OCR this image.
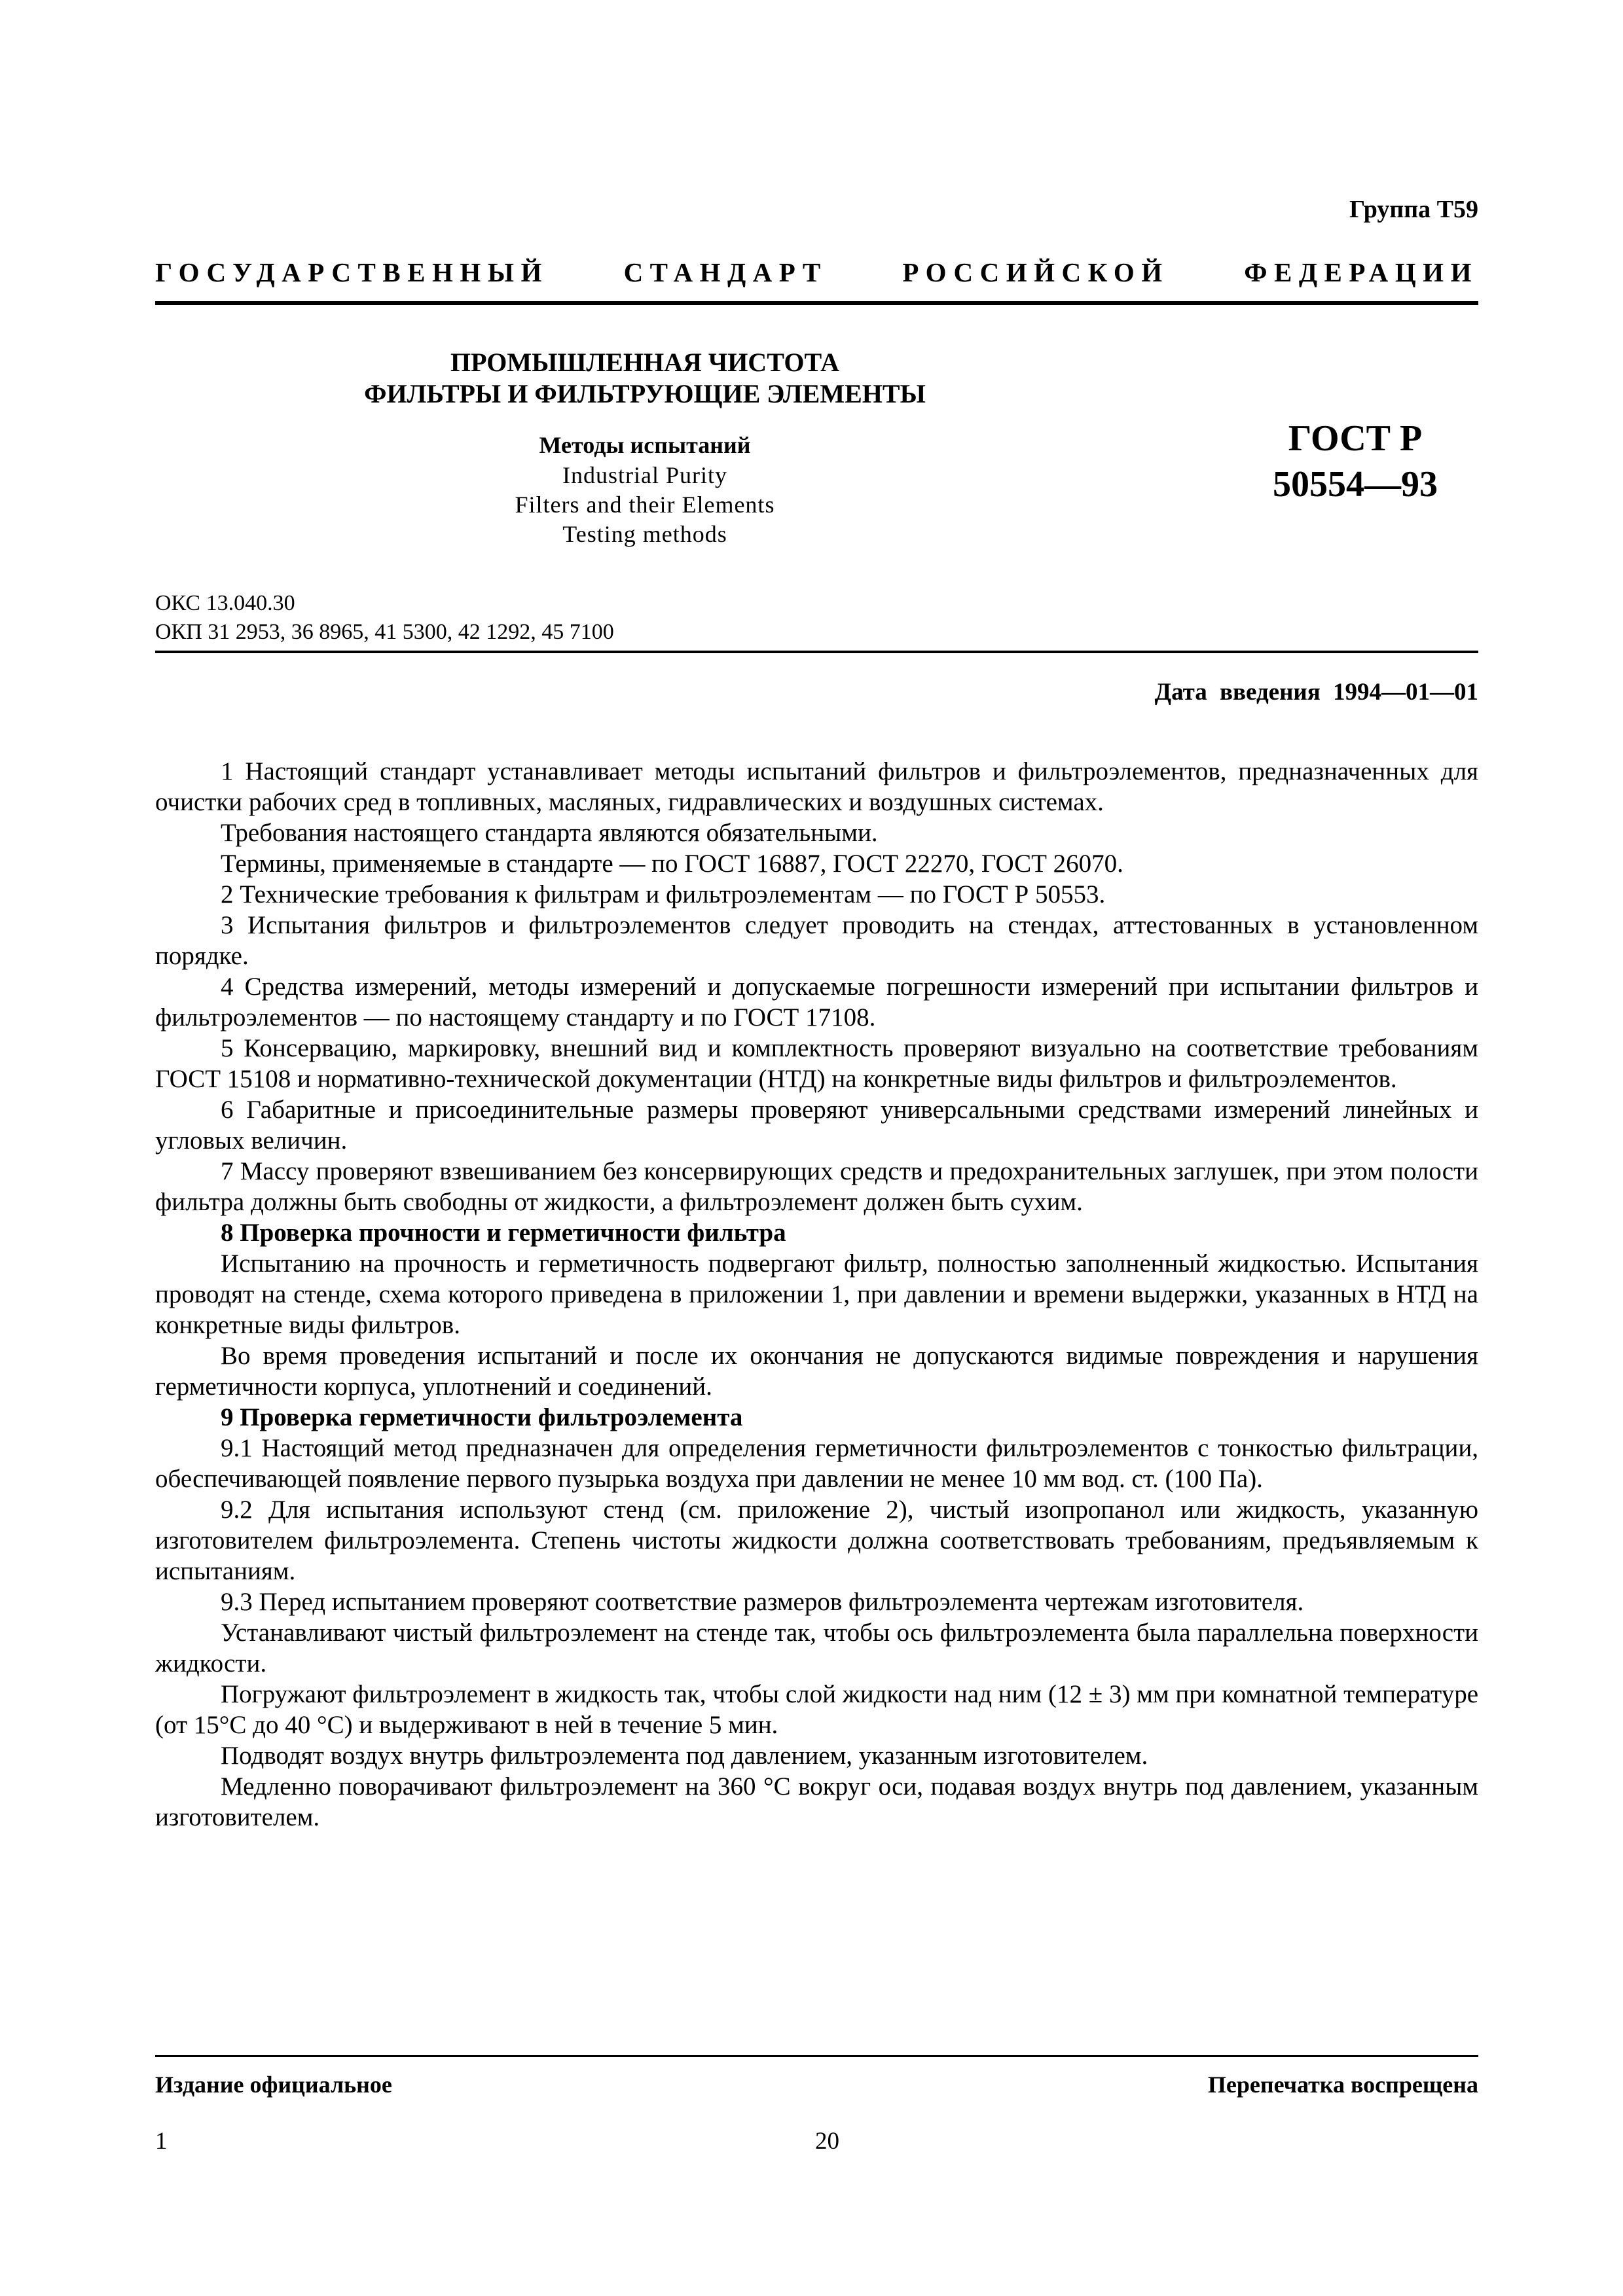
Группа Т59
ГОСУДАРСТВЕННЫЙ	СТАНДАРТ	РОССИЙСКОЙ	ФЕДЕРАЦИИ
ПРОМЫШЛЕННАЯ ЧИСТОТА
ФИЛЬТРЫ И ФИЛЬТРУЮЩИЕ ЭЛЕМЕНТЫ
Методы испытаний
Industrial Purity
Filters and their Elements
Testing methods
ГОСТ Р
50554—93
ОКС 13.040.30
ОКП 31 2953, 36 8965, 41 5300, 42 1292, 45 7100
Дата введения 1994—01—01

1 Настоящий стандарт устанавливает методы испытаний фильтров и фильтроэлементов, предназначенных для очистки рабочих сред в топливных, масляных, гидравлических и воздушных системах.

Требования настоящего стандарта являются обязательными.

Термины, применяемые в стандарте — по ГОСТ 16887, ГОСТ 22270, ГОСТ 26070.

2 Технические требования к фильтрам и фильтроэлементам — по ГОСТ Р 50553.

3 Испытания фильтров и фильтроэлементов следует проводить на стендах, аттестованных в установленном порядке.

4 Средства измерений, методы измерений и допускаемые погрешности измерений при испытании фильтров и фильтроэлементов — по настоящему стандарту и по ГОСТ 17108.

5 Консервацию, маркировку, внешний вид и комплектность проверяют визуально на соответствие требованиям ГОСТ 15108 и нормативно-технической документации (НТД) на конкретные виды фильтров и фильтроэлементов.

6 Габаритные и присоединительные размеры проверяют универсальными средствами измерений линейных и угловых величин.

7 Массу проверяют взвешиванием без консервирующих средств и предохранительных заглушек, при этом полости фильтра должны быть свободны от жидкости, а фильтроэлемент должен быть сухим.

8 Проверка прочности и герметичности фильтра

Испытанию на прочность и герметичность подвергают фильтр, полностью заполненный жидкостью. Испытания проводят на стенде, схема которого приведена в приложении 1, при давлении и времени выдержки, указанных в НТД на конкретные виды фильтров.

Во время проведения испытаний и после их окончания не допускаются видимые повреждения и нарушения герметичности корпуса, уплотнений и соединений.

9 Проверка герметичности фильтроэлемента

9.1 Настоящий метод предназначен для определения герметичности фильтроэлементов с тонкостью фильтрации, обеспечивающей появление первого пузырька воздуха при давлении не менее 10 мм вод. ст. (100 Па).

9.2 Для испытания используют стенд (см. приложение 2), чистый изопропанол или жидкость, указанную изготовителем фильтроэлемента. Степень чистоты жидкости должна соответствовать требованиям, предъявляемым к испытаниям.

9.3 Перед испытанием проверяют соответствие размеров фильтроэлемента чертежам изготовителя.

Устанавливают чистый фильтроэлемент на стенде так, чтобы ось фильтроэлемента была параллельна поверхности жидкости.

Погружают фильтроэлемент в жидкость так, чтобы слой жидкости над ним (12 ± 3) мм при комнатной температуре (от 15°С до 40 °С) и выдерживают в ней в течение 5 мин.

Подводят воздух внутрь фильтроэлемента под давлением, указанным изготовителем.

Медленно поворачивают фильтроэлемент на 360 °С вокруг оси, подавая воздух внутрь под давлением, указанным изготовителем.

Издание официальное	Перепечатка воспрещена
1	20
